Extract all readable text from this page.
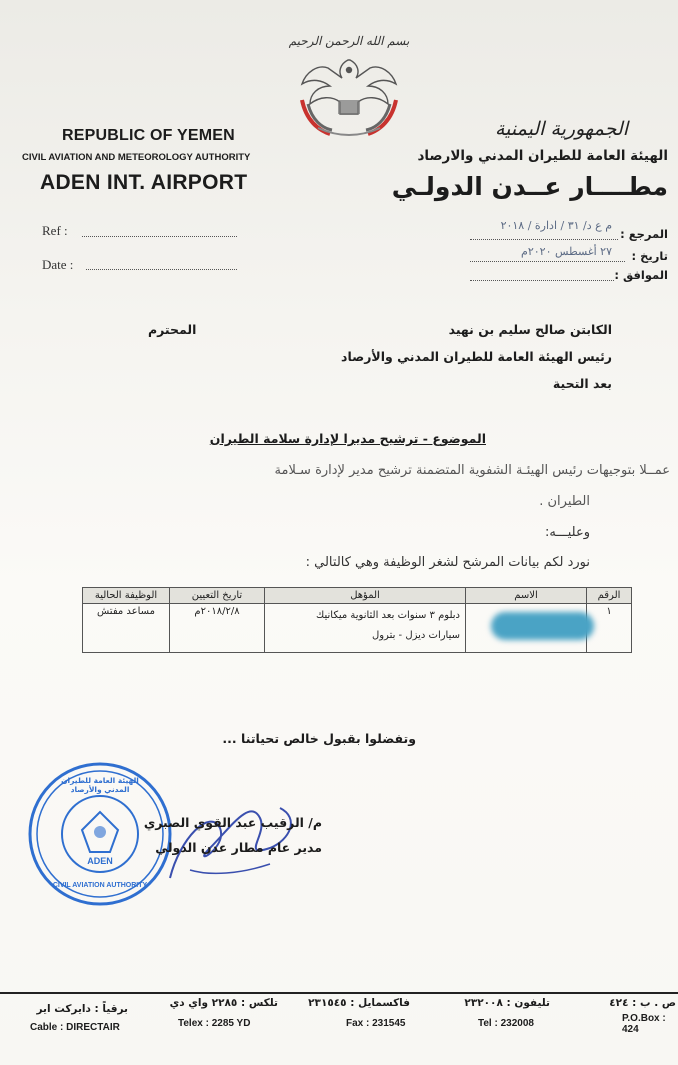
بسم الله الرحمن الرحيم
REPUBLIC OF YEMEN
CIVIL AVIATION AND METEOROLOGY AUTHORITY
ADEN INT. AIRPORT
Ref :
Date :
الجمهورية اليمنية
الهيئة العامة للطيران المدني والارصاد
مطــــار عــدن الدولـي
المرجع :
م ع د/ ٣١ / ادارة / ٢٠١٨
تاريخ :
٢٧ أغسطس ٢٠٢٠م
الموافق :
الكابتن صالح سليم بن نهيد
المحترم
رئيس الهيئة العامة للطيران المدني والأرصاد
بعد التحية
الموضوع - ترشيح مديرا لإدارة سلامة الطيران
عمــلا بتوجيهات رئيس الهيئـة الشفوية المتضمنة ترشيح مدير لإدارة سـلامة
الطيران .
وعليـــه:
نورد لكم بيانات المرشح لشغر الوظيفة وهي كالتالي :
الرقم	الاسم	المؤهل	تاريخ التعيين	الوظيفة الحالية
١		دبلوم ٣ سنوات بعد الثانوية ميكانيك
سيارات ديزل - بترول	٢٠١٨/٢/٨م	مساعد مفتش
وتفضلوا بقبول خالص تحياتنا ...
ADEN
الهيئة العامة للطيران المدني والأرصاد
CIVIL AVIATION AUTHORITY
م/ الرقيب عبد القوي الصبري
مدير عام مطار عدن الدولي
ص . ب : ٤٢٤
P.O.Box : 424
تليفون : ٢٣٢٠٠٨
Tel : 232008
فاكسمايل : ٢٣١٥٤٥
Fax : 231545
تلكس : ٢٢٨٥ واي دي
Telex : 2285 YD
برقياً : دايركت اير
Cable : DIRECTAIR
